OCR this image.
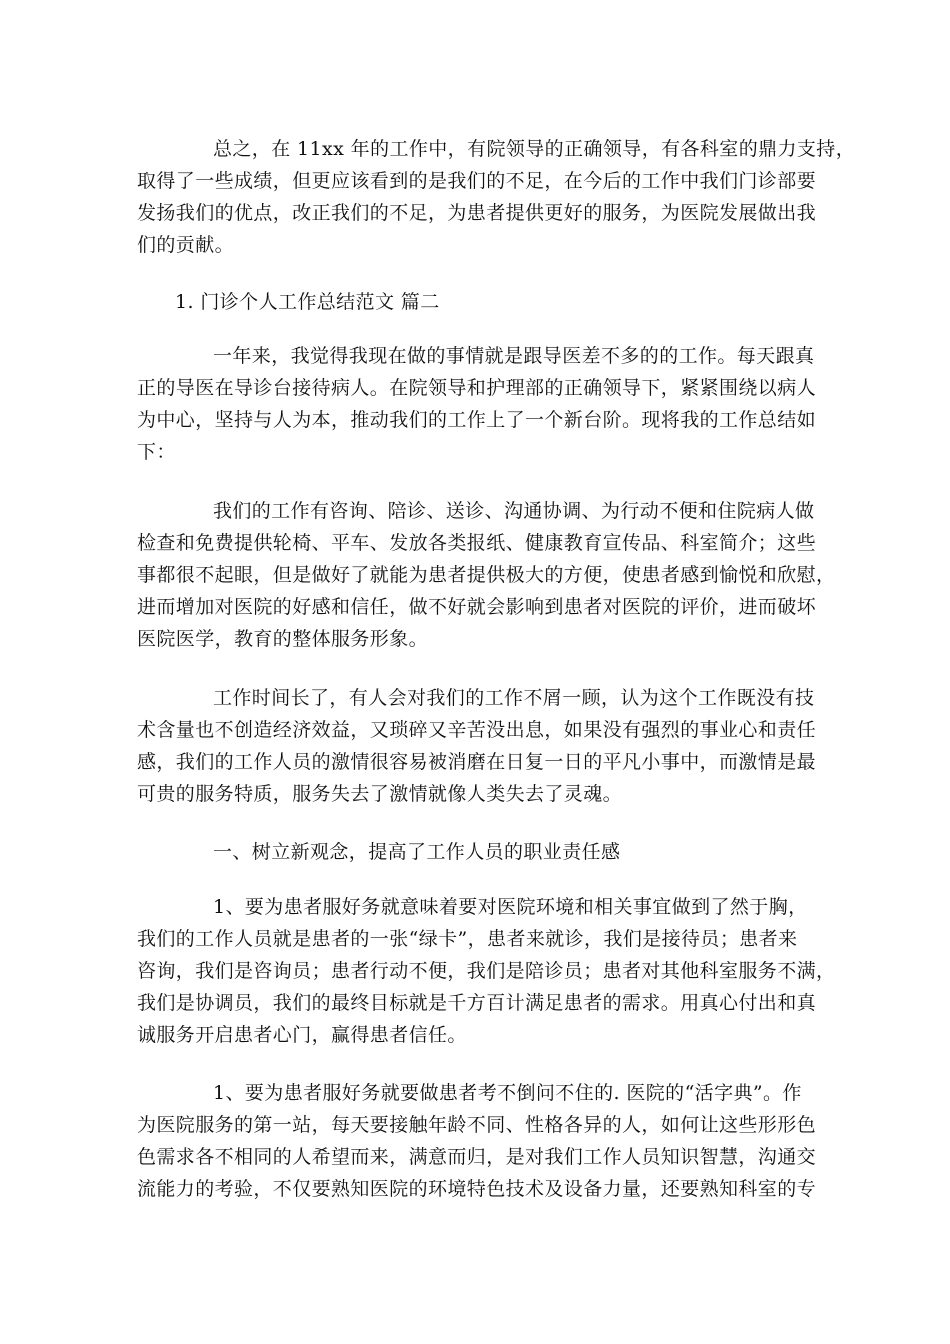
总之，在 11xx 年的工作中，有院领导的正确领导，有各科室的鼎力支持，
取得了一些成绩，但更应该看到的是我们的不足，在今后的工作中我们门诊部要
发扬我们的优点，改正我们的不足，为患者提供更好的服务，为医院发展做出我
们的贡献。
1. 门诊个人工作总结范文 篇二
一年来，我觉得我现在做的事情就是跟导医差不多的的工作。每天跟真
正的导医在导诊台接待病人。在院领导和护理部的正确领导下，紧紧围绕以病人
为中心，坚持与人为本，推动我们的工作上了一个新台阶。现将我的工作总结如
下：
我们的工作有咨询、陪诊、送诊、沟通协调、为行动不便和住院病人做
检查和免费提供轮椅、平车、发放各类报纸、健康教育宣传品、科室简介；这些
事都很不起眼，但是做好了就能为患者提供极大的方便，使患者感到愉悦和欣慰，
进而增加对医院的好感和信任，做不好就会影响到患者对医院的评价，进而破坏
医院医学，教育的整体服务形象。
工作时间长了，有人会对我们的工作不屑一顾，认为这个工作既没有技
术含量也不创造经济效益，又琐碎又辛苦没出息，如果没有强烈的事业心和责任
感，我们的工作人员的激情很容易被消磨在日复一日的平凡小事中，而激情是最
可贵的服务特质，服务失去了激情就像人类失去了灵魂。
一、树立新观念，提高了工作人员的职业责任感
1、要为患者服好务就意味着要对医院环境和相关事宜做到了然于胸，
我们的工作人员就是患者的一张“绿卡”，患者来就诊，我们是接待员；患者来
咨询，我们是咨询员；患者行动不便，我们是陪诊员；患者对其他科室服务不满，
我们是协调员，我们的最终目标就是千方百计满足患者的需求。用真心付出和真
诚服务开启患者心门，赢得患者信任。
1、要为患者服好务就要做患者考不倒问不住的. 医院的“活字典”。作
为医院服务的第一站，每天要接触年龄不同、性格各异的人，如何让这些形形色
色需求各不相同的人希望而来，满意而归，是对我们工作人员知识智慧，沟通交
流能力的考验，不仅要熟知医院的环境特色技术及设备力量，还要熟知科室的专
